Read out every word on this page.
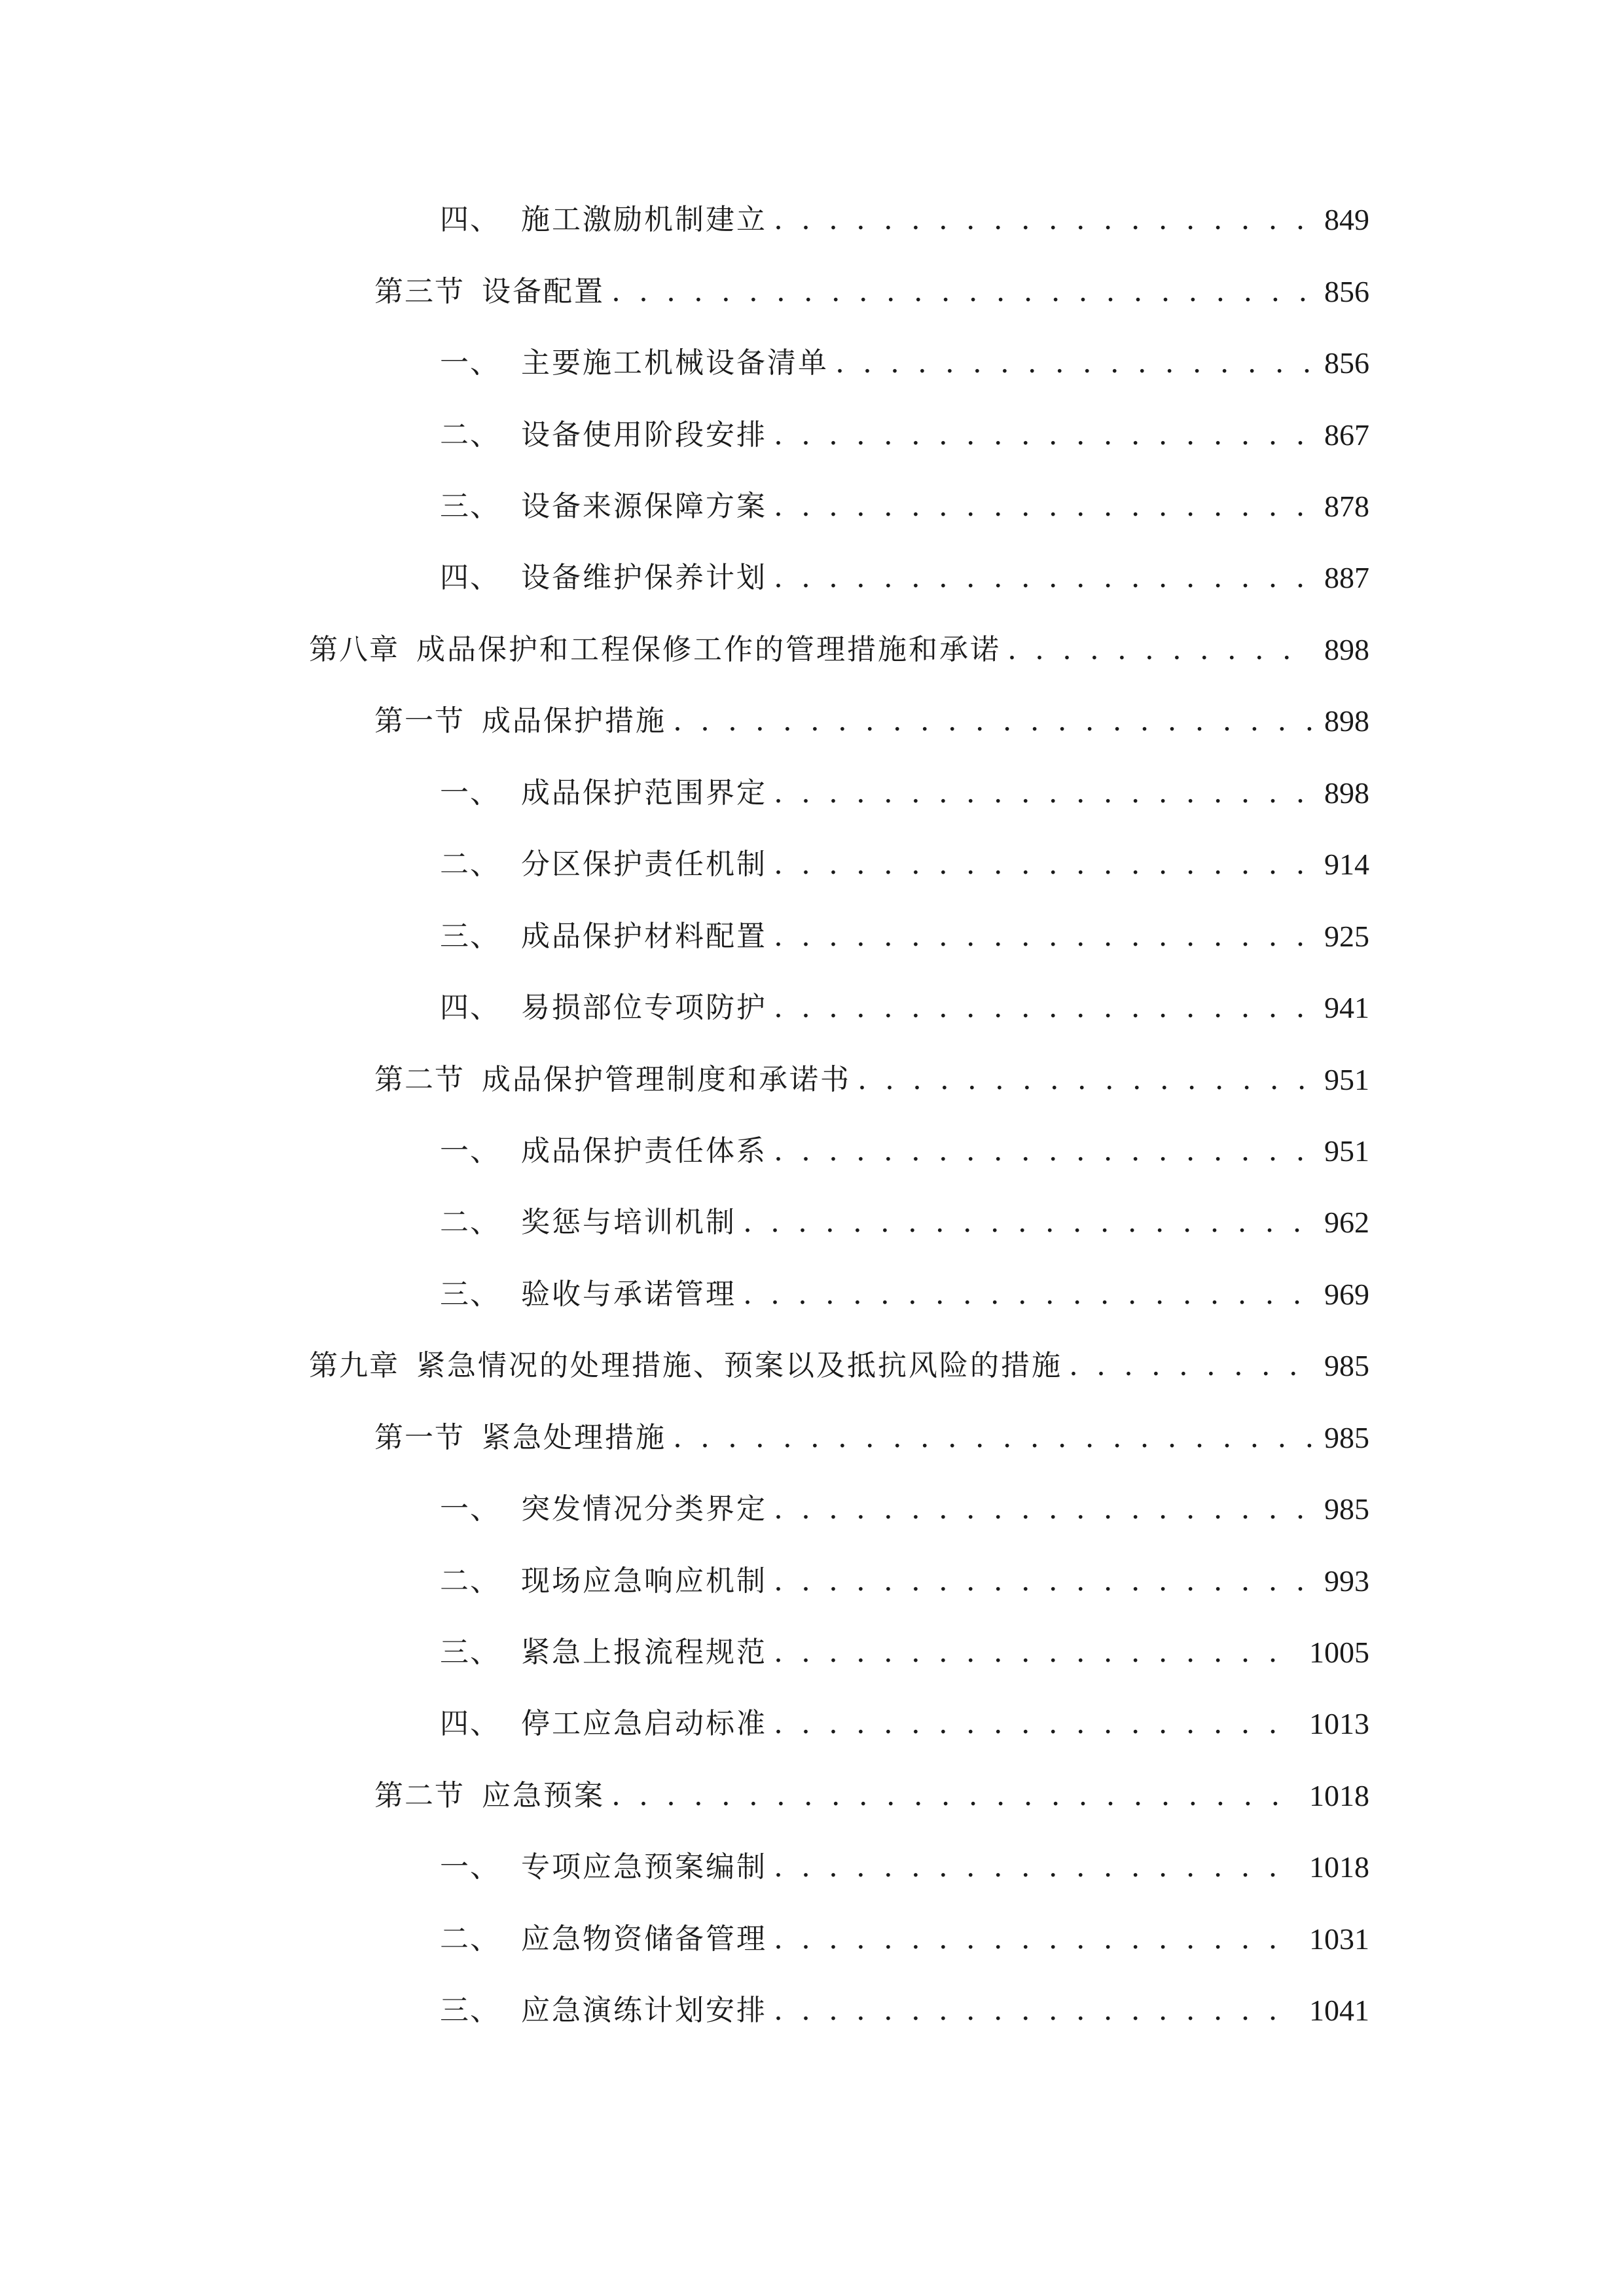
四、 施工激励机制建立 . . .	849
第三节 设备配置 . . .	856
一、 主要施工机械设备清单 . . .	856
二、 设备使用阶段安排 . . .	867
三、 设备来源保障方案 . . .	878
四、 设备维护保养计划 . . .	887
第八章 成品保护和工程保修工作的管理措施和承诺 . . .	898
第一节 成品保护措施 . . .	898
一、 成品保护范围界定 . . .	898
二、 分区保护责任机制 . . .	914
三、 成品保护材料配置 . . .	925
四、 易损部位专项防护 . . .	941
第二节 成品保护管理制度和承诺书 . . .	951
一、 成品保护责任体系 . . .	951
二、 奖惩与培训机制 . . .	962
三、 验收与承诺管理 . . .	969
第九章 紧急情况的处理措施、预案以及抵抗风险的措施 . . .	985
第一节 紧急处理措施 . . .	985
一、 突发情况分类界定 . . .	985
二、 现场应急响应机制 . . .	993
三、 紧急上报流程规范 . . .	1005
四、 停工应急启动标准 . . .	1013
第二节 应急预案 . . .	1018
一、 专项应急预案编制 . . .	1018
二、 应急物资储备管理 . . .	1031
三、 应急演练计划安排 . . .	1041
